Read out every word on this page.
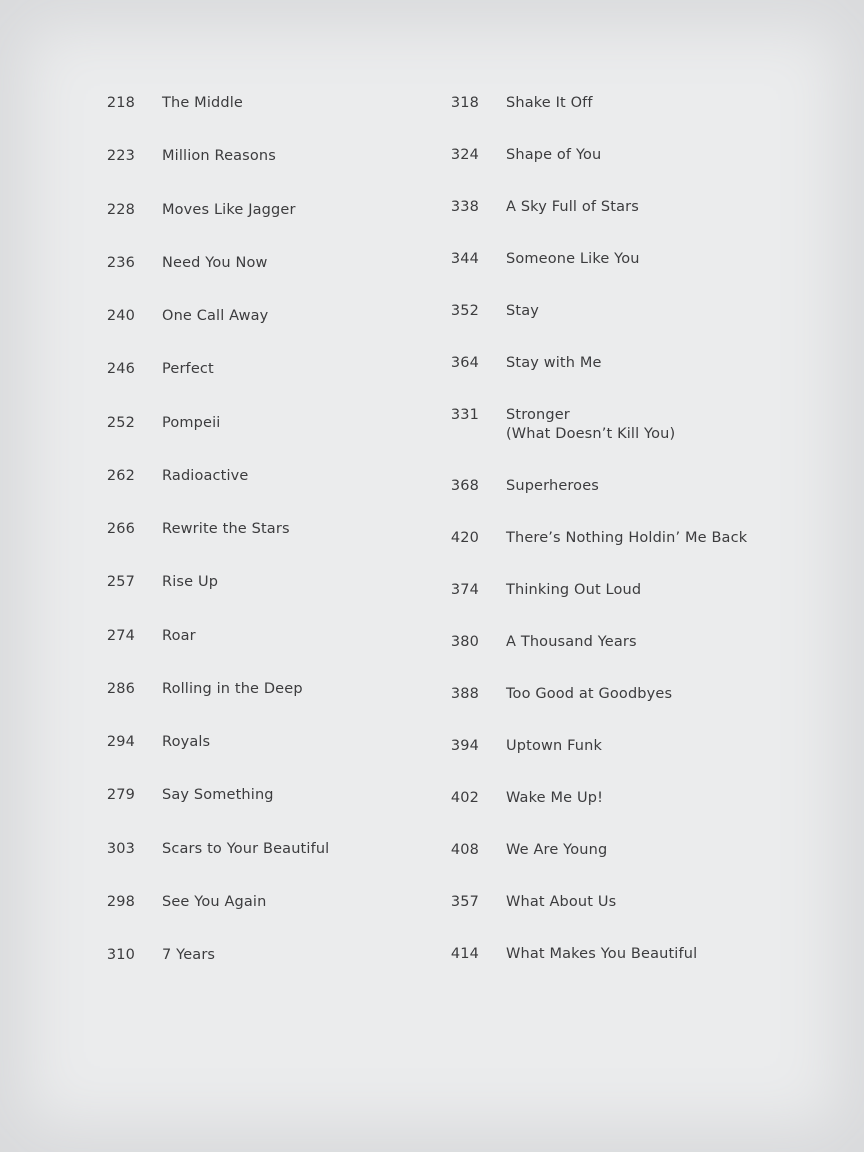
218 The Middle
223 Million Reasons
228 Moves Like Jagger
236 Need You Now
240 One Call Away
246 Perfect
252 Pompeii
262 Radioactive
266 Rewrite the Stars
257 Rise Up
274 Roar
286 Rolling in the Deep
294 Royals
279 Say Something
303 Scars to Your Beautiful
298 See You Again
310 7 Years
318 Shake It Off
324 Shape of You
338 A Sky Full of Stars
344 Someone Like You
352 Stay
364 Stay with Me
331 Stronger
(What Doesn’t Kill You)
368 Superheroes
420 There’s Nothing Holdin’ Me Back
374 Thinking Out Loud
380 A Thousand Years
388 Too Good at Goodbyes
394 Uptown Funk
402 Wake Me Up!
408 We Are Young
357 What About Us
414 What Makes You Beautiful
